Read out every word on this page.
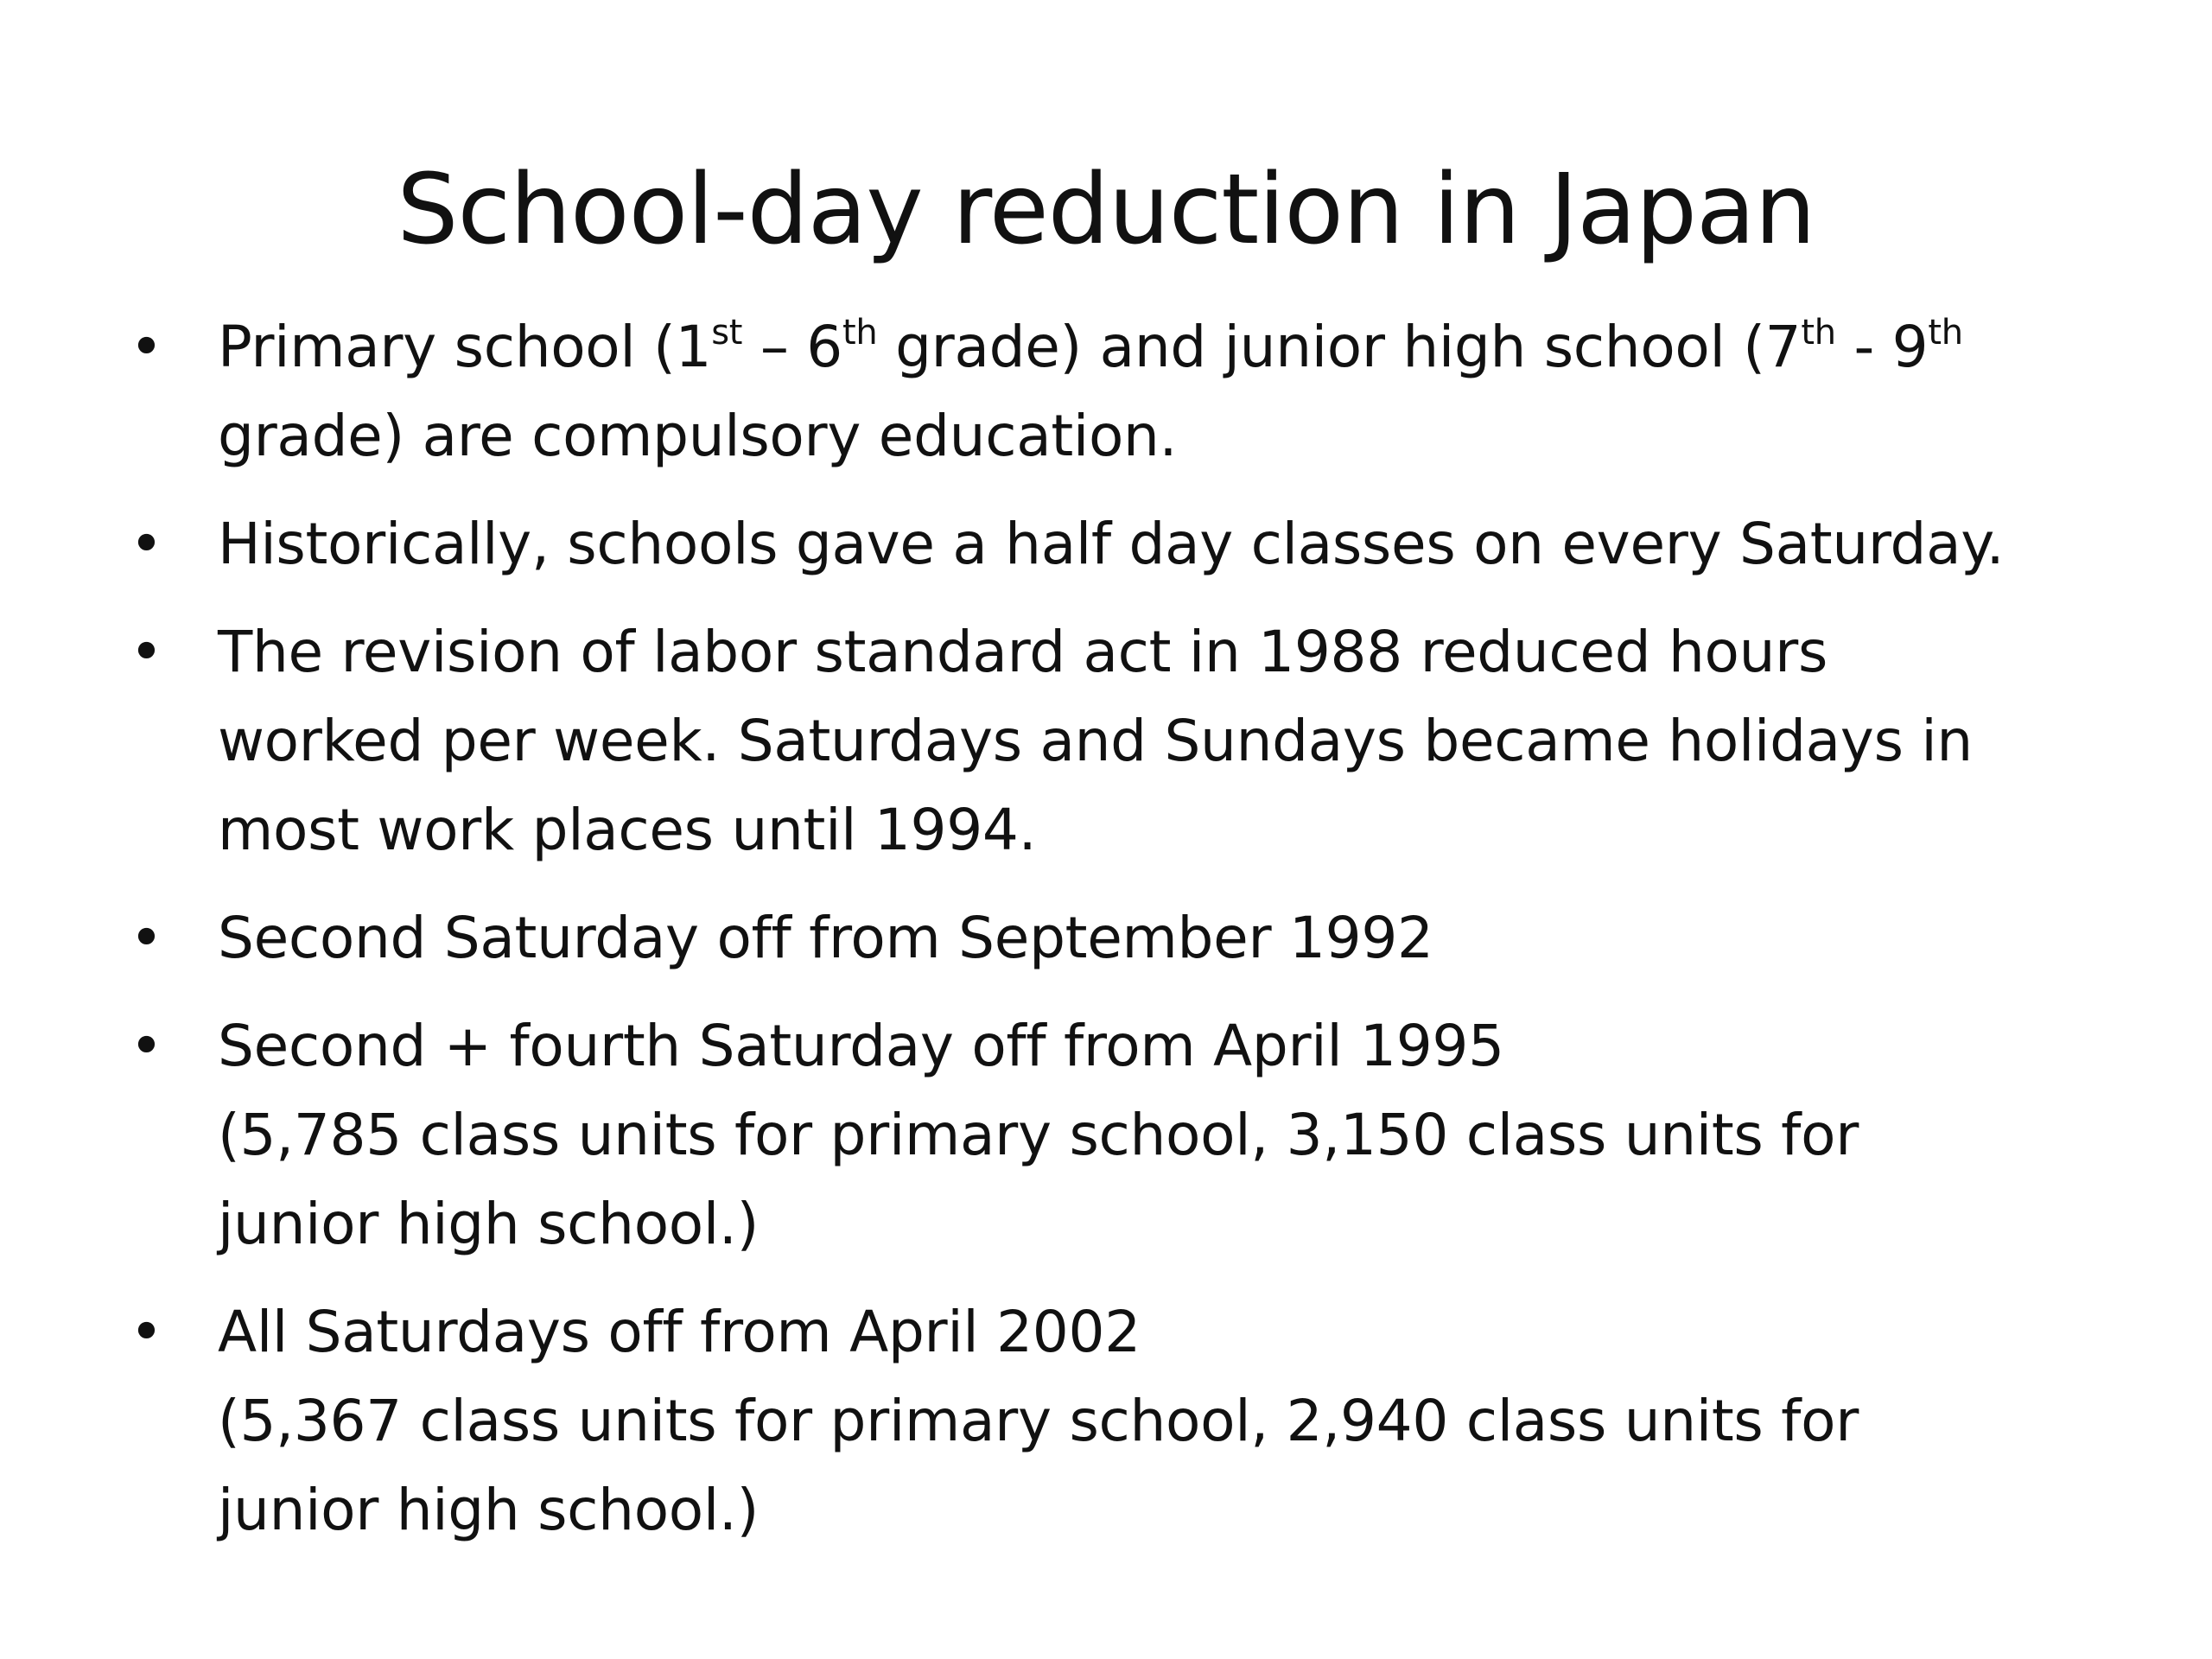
School-day reduction in Japan
• Primary school (1st – 6th grade) and junior high school (7th - 9th
grade) are compulsory education.
• Historically, schools gave a half day classes on every Saturday.
• The revision of labor standard act in 1988 reduced hours
worked per week. Saturdays and Sundays became holidays in
most work places until 1994.
• Second Saturday off from September 1992
• Second + fourth Saturday off from April 1995
(5,785 class units for primary school, 3,150 class units for
junior high school.)
• All Saturdays off from April 2002
(5,367 class units for primary school, 2,940 class units for
junior high school.)
